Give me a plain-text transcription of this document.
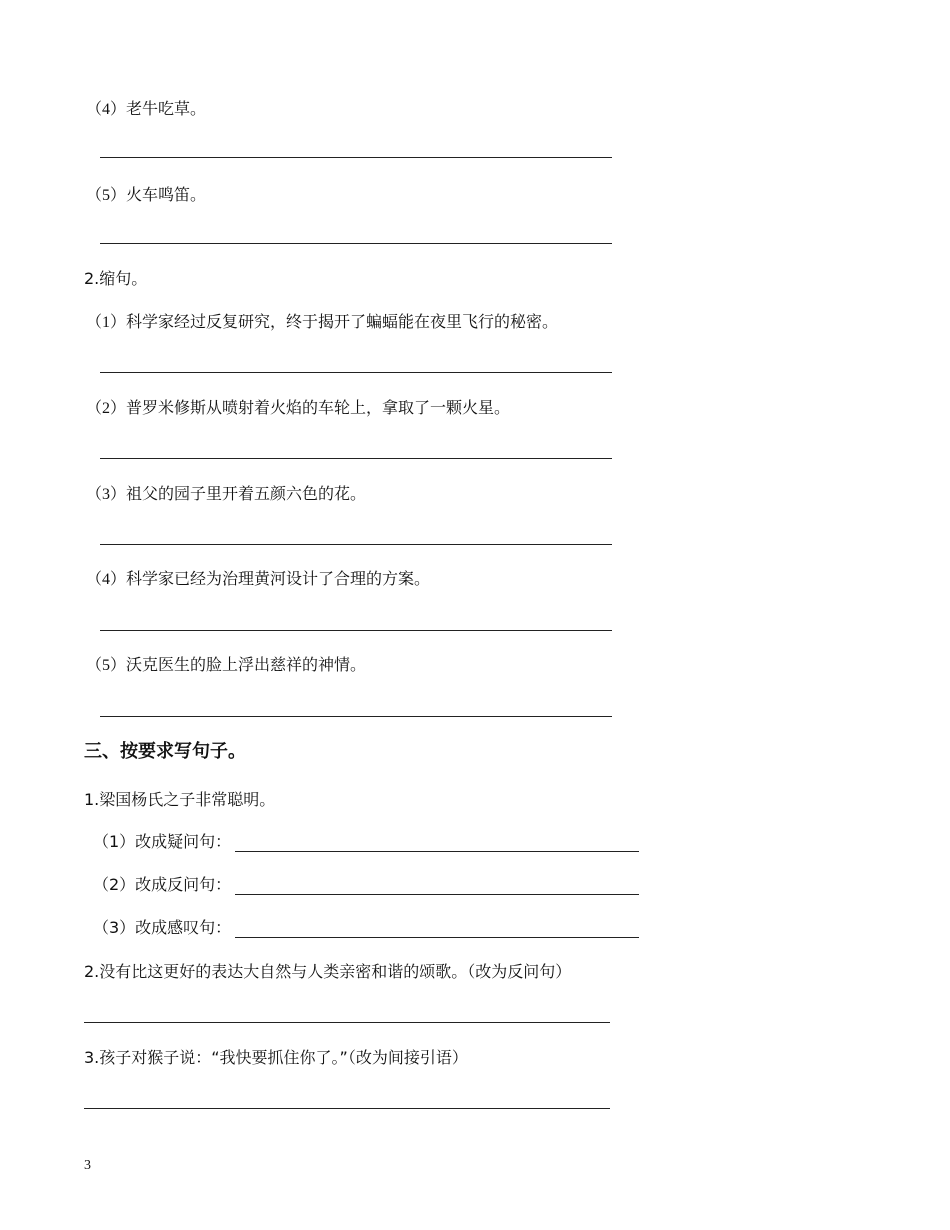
（4）老牛吃草。
（5）火车鸣笛。
2.缩句。
（1）科学家经过反复研究，终于揭开了蝙蝠能在夜里飞行的秘密。
（2）普罗米修斯从喷射着火焰的车轮上，拿取了一颗火星。
（3）祖父的园子里开着五颜六色的花。
（4）科学家已经为治理黄河设计了合理的方案。
（5）沃克医生的脸上浮出慈祥的神情。
三、按要求写句子。
1.梁国杨氏之子非常聪明。
（1）改成疑问句：
（2）改成反问句：
（3）改成感叹句：
2.没有比这更好的表达大自然与人类亲密和谐的颂歌。（改为反问句）
3.孩子对猴子说：“我快要抓住你了。”（改为间接引语）
3
